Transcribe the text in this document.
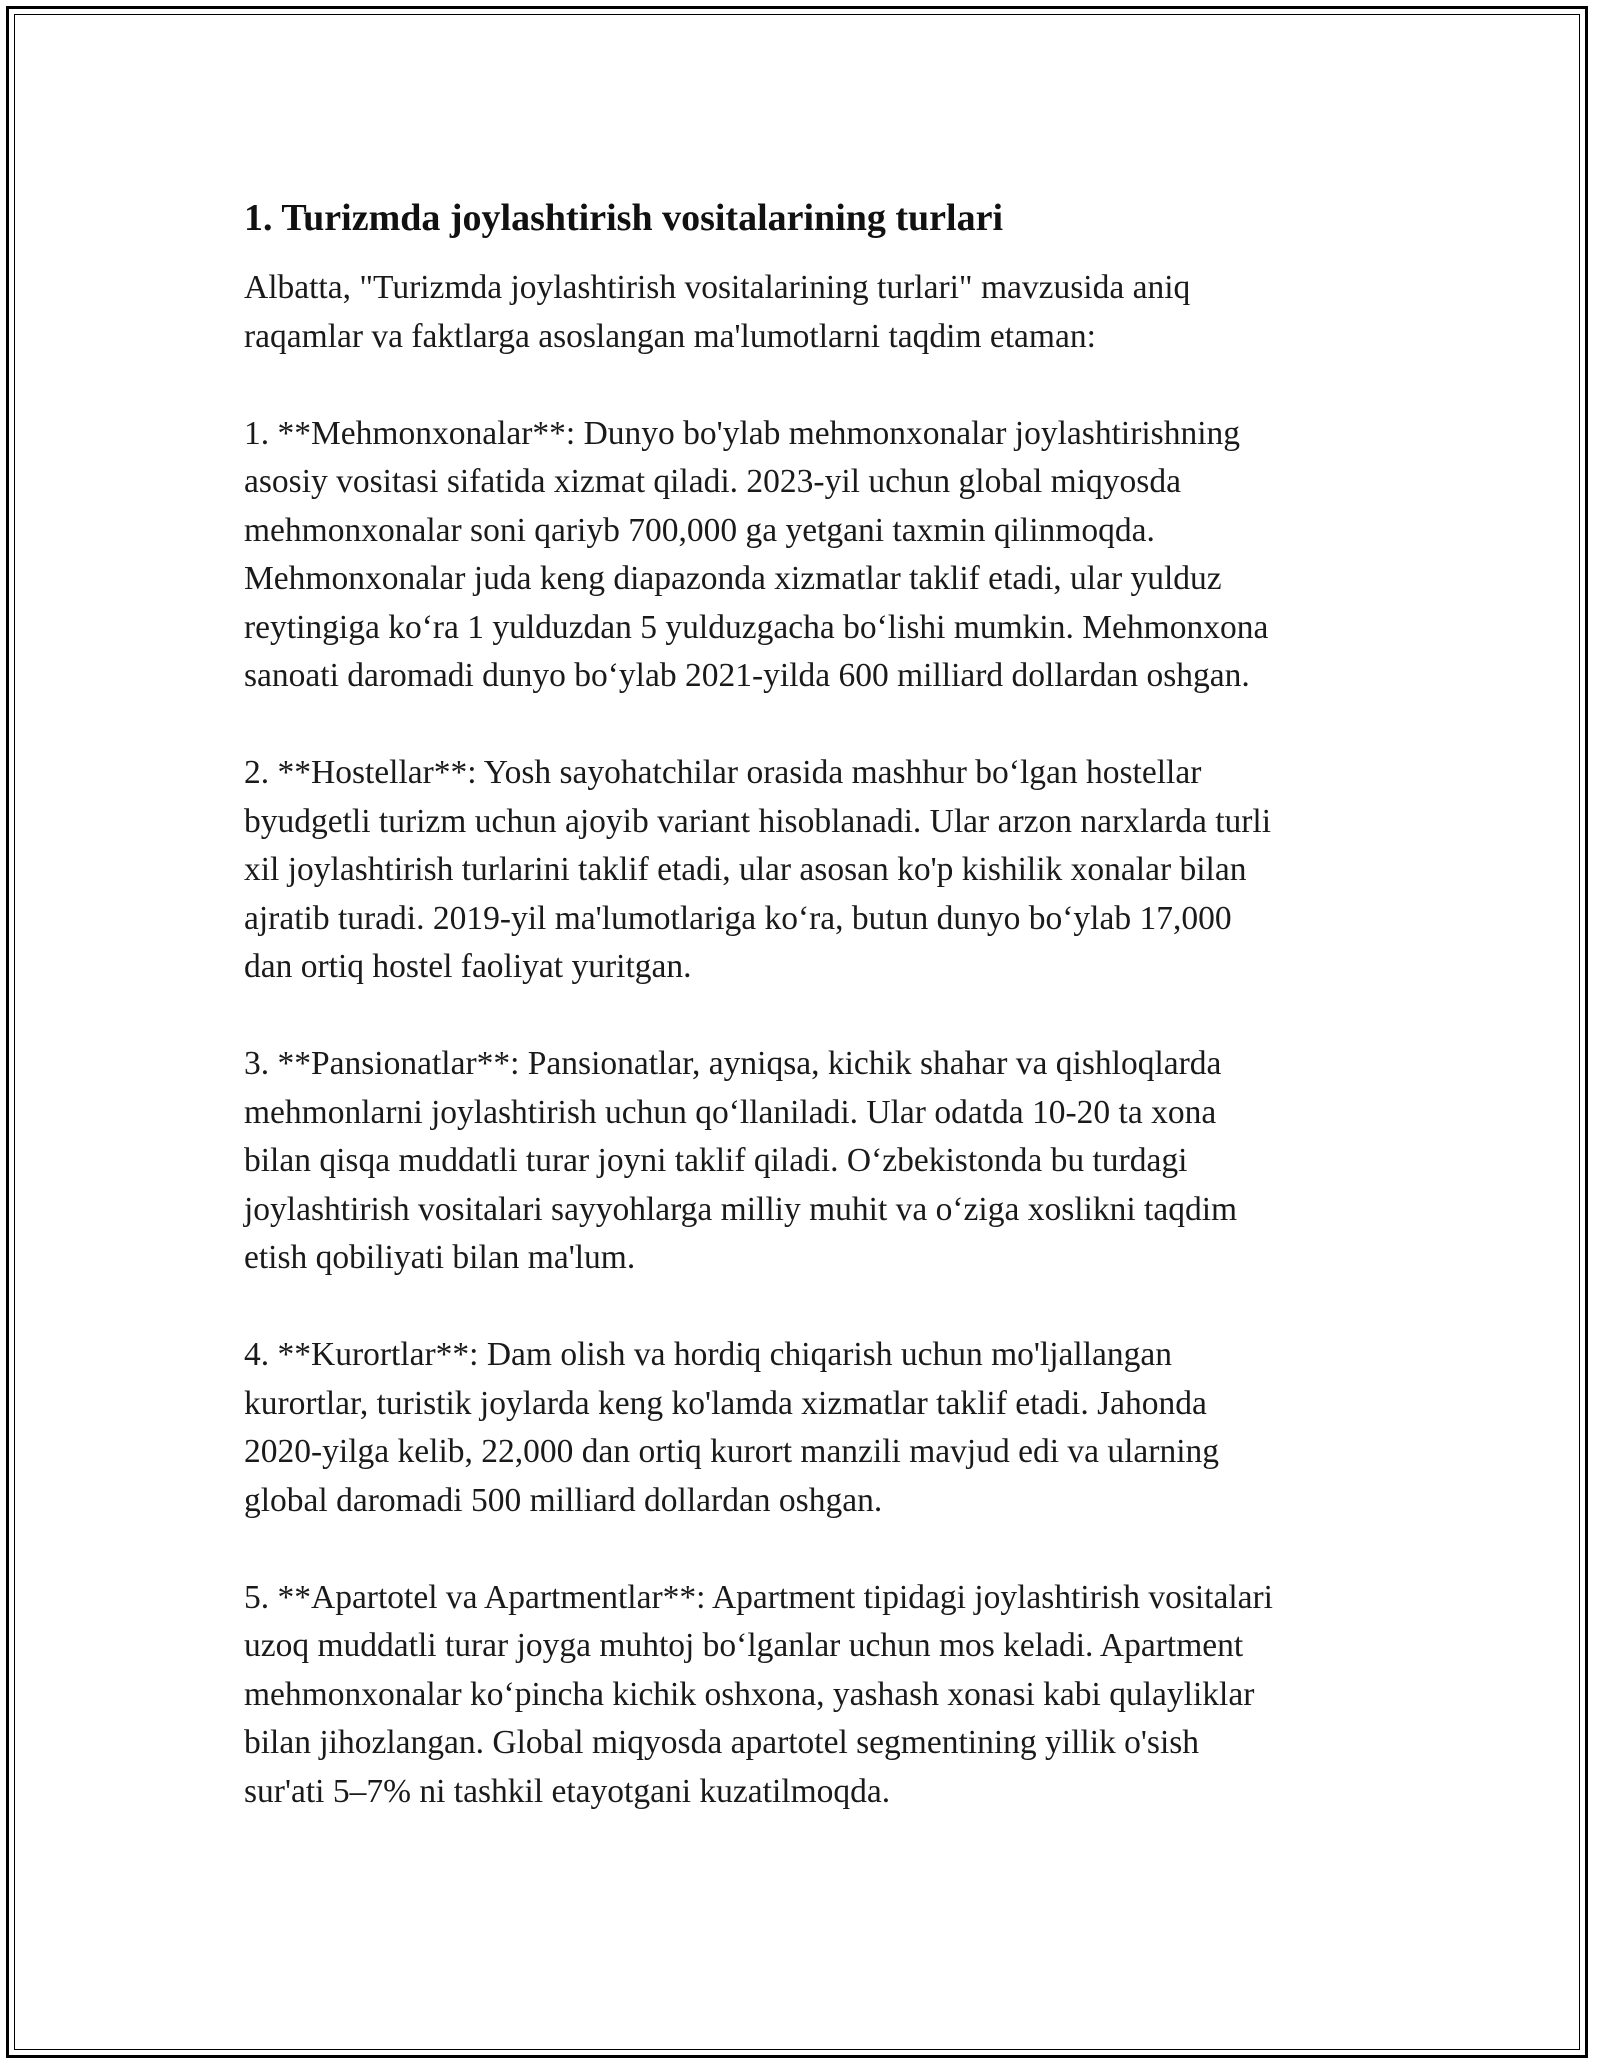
1. Turizmda joylashtirish vositalarining turlari

Albatta, "Turizmda joylashtirish vositalarining turlari" mavzusida aniq
raqamlar va faktlarga asoslangan ma'lumotlarni taqdim etaman:

1. **Mehmonxonalar**: Dunyo bo'ylab mehmonxonalar joylashtirishning
asosiy vositasi sifatida xizmat qiladi. 2023-yil uchun global miqyosda
mehmonxonalar soni qariyb 700,000 ga yetgani taxmin qilinmoqda.
Mehmonxonalar juda keng diapazonda xizmatlar taklif etadi, ular yulduz
reytingiga koʻra 1 yulduzdan 5 yulduzgacha boʻlishi mumkin. Mehmonxona
sanoati daromadi dunyo boʻylab 2021-yilda 600 milliard dollardan oshgan.

2. **Hostellar**: Yosh sayohatchilar orasida mashhur boʻlgan hostellar
byudgetli turizm uchun ajoyib variant hisoblanadi. Ular arzon narxlarda turli
xil joylashtirish turlarini taklif etadi, ular asosan ko'p kishilik xonalar bilan
ajratib turadi. 2019-yil ma'lumotlariga koʻra, butun dunyo boʻylab 17,000
dan ortiq hostel faoliyat yuritgan.

3. **Pansionatlar**: Pansionatlar, ayniqsa, kichik shahar va qishloqlarda
mehmonlarni joylashtirish uchun qoʻllaniladi. Ular odatda 10-20 ta xona
bilan qisqa muddatli turar joyni taklif qiladi. Oʻzbekistonda bu turdagi
joylashtirish vositalari sayyohlarga milliy muhit va oʻziga xoslikni taqdim
etish qobiliyati bilan ma'lum.

4. **Kurortlar**: Dam olish va hordiq chiqarish uchun mo'ljallangan
kurortlar, turistik joylarda keng ko'lamda xizmatlar taklif etadi. Jahonda
2020-yilga kelib, 22,000 dan ortiq kurort manzili mavjud edi va ularning
global daromadi 500 milliard dollardan oshgan.

5. **Apartotel va Apartmentlar**: Apartment tipidagi joylashtirish vositalari
uzoq muddatli turar joyga muhtoj boʻlganlar uchun mos keladi. Apartment
mehmonxonalar koʻpincha kichik oshxona, yashash xonasi kabi qulayliklar
bilan jihozlangan. Global miqyosda apartotel segmentining yillik o'sish
sur'ati 5–7% ni tashkil etayotgani kuzatilmoqda.
